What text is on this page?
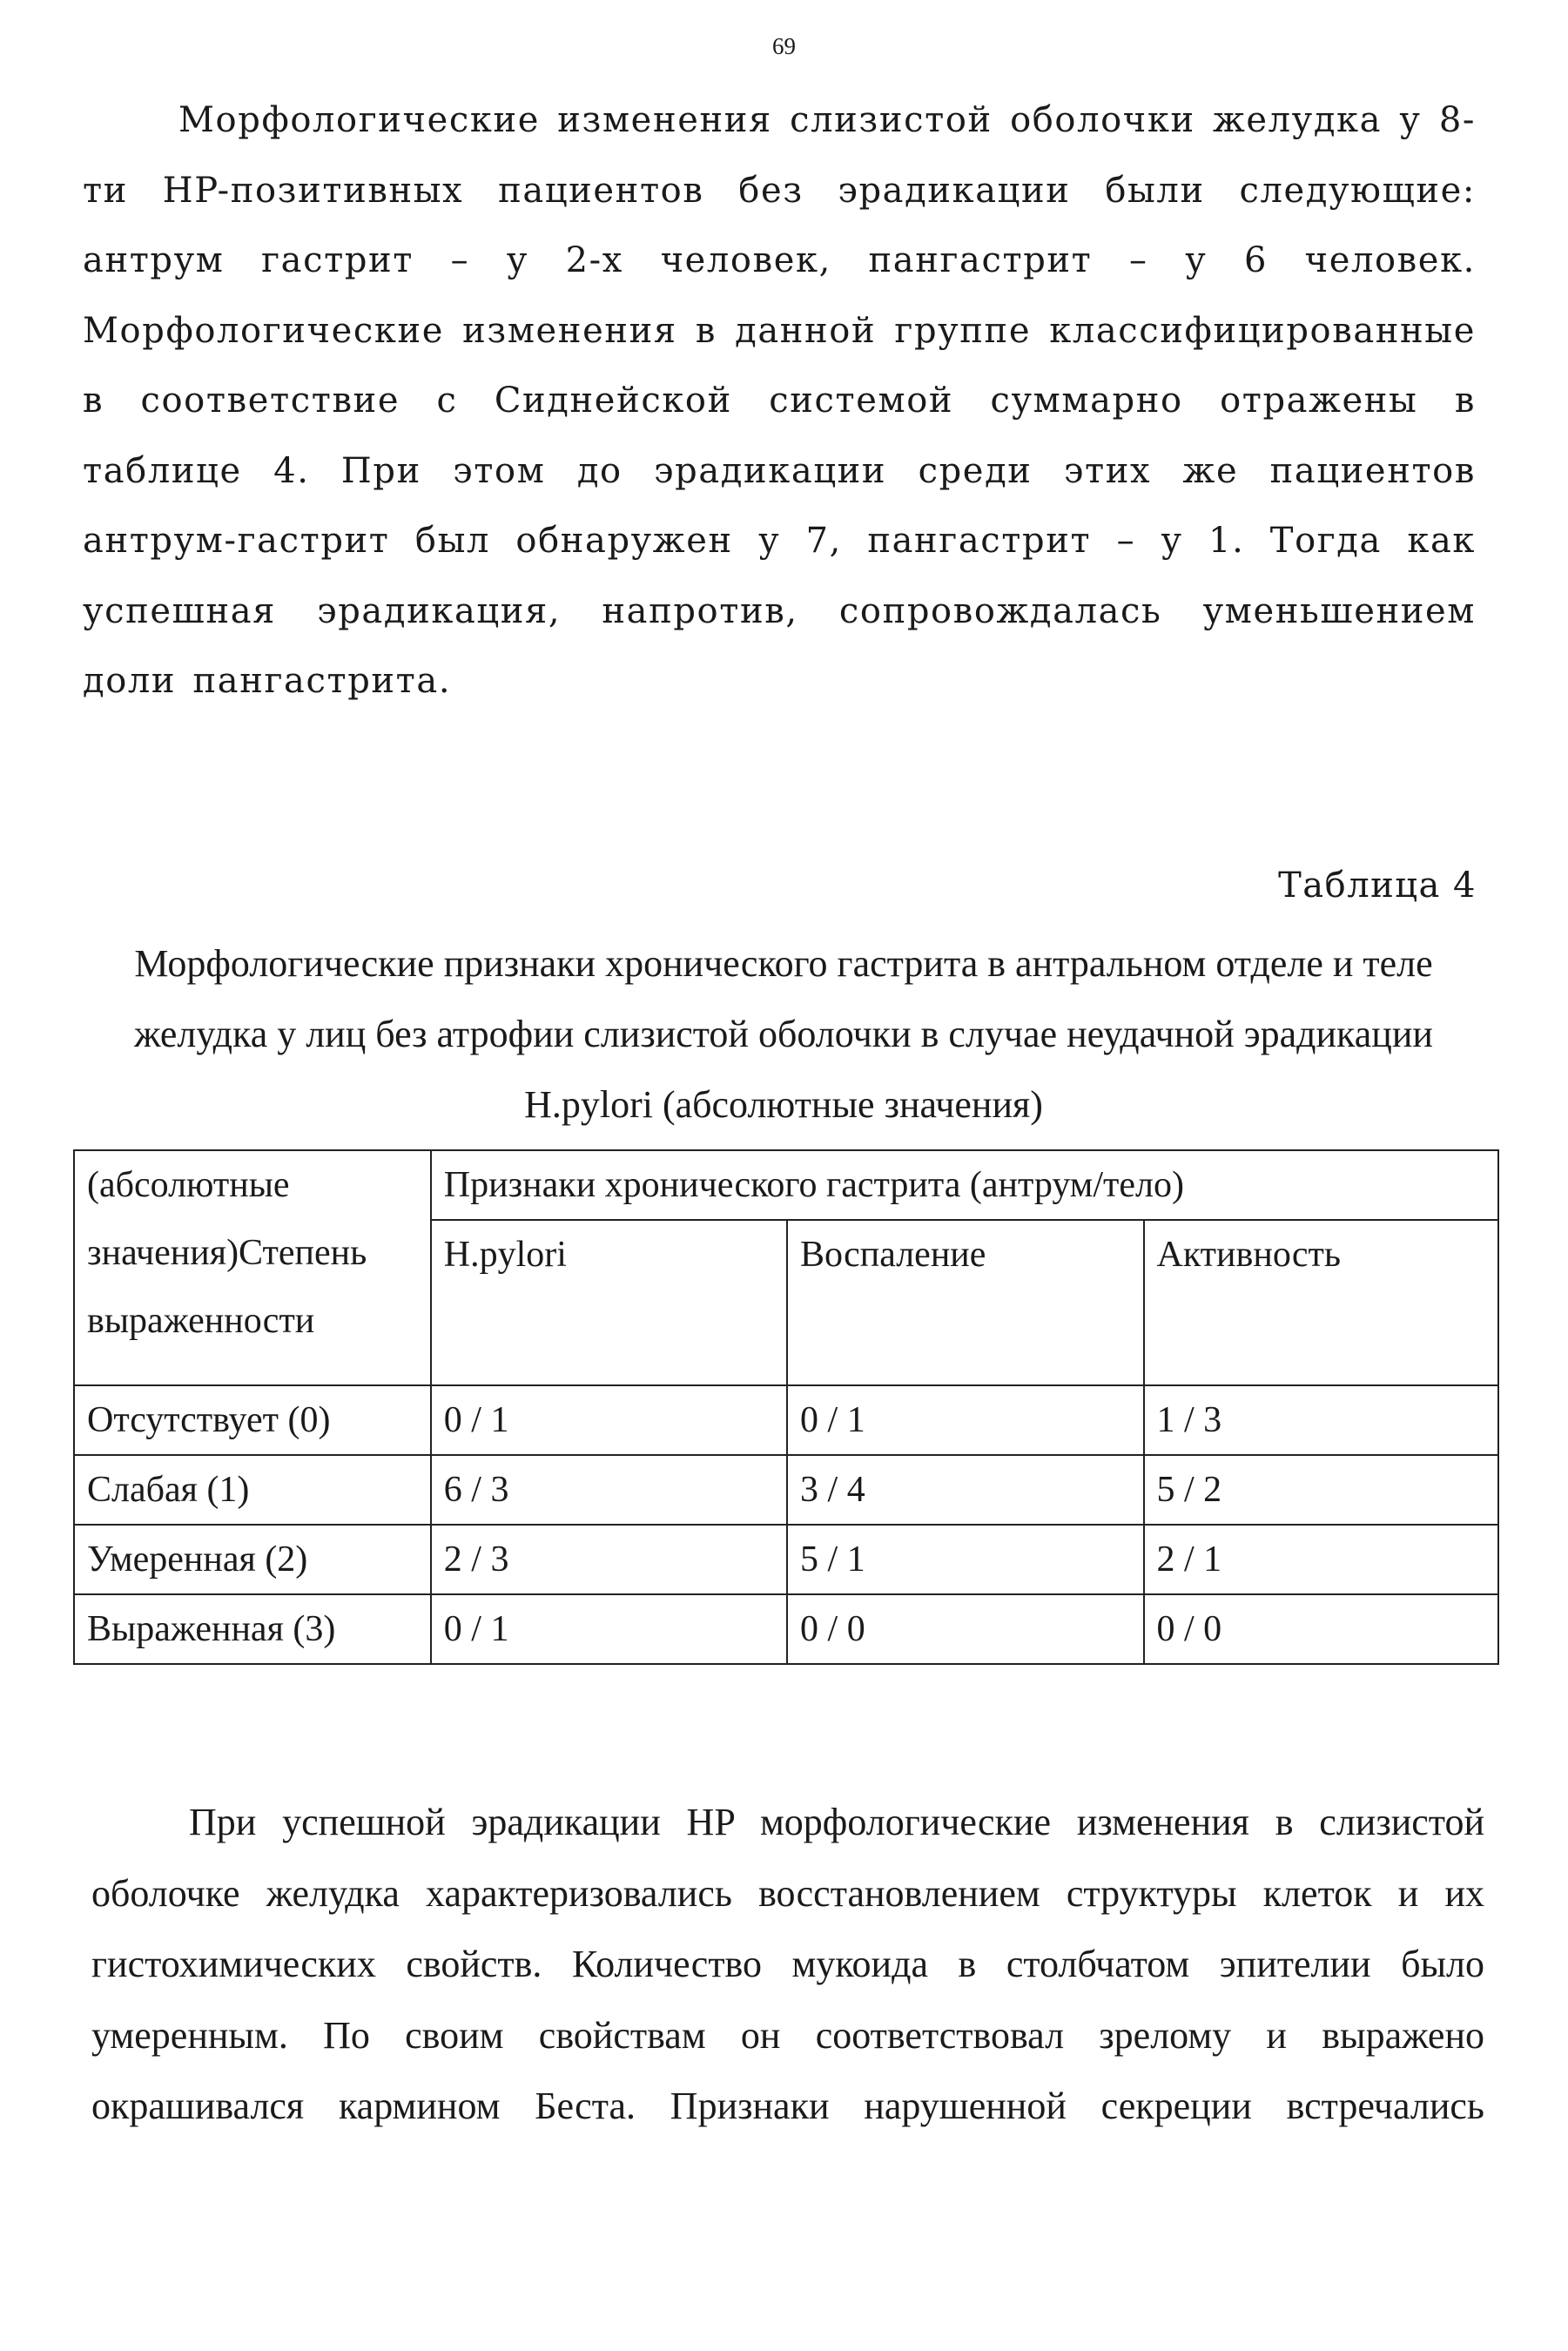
69

Морфологические изменения слизистой оболочки желудка у 8-ти HP-позитивных пациентов без эрадикации были следующие: антрум гастрит – у 2-х человек, пангастрит – у 6 человек. Морфологические изменения в данной группе классифицированные в соответствие с Сиднейской системой суммарно отражены в таблице 4. При этом до эрадикации среди этих же пациентов антрум-гастрит был обнаружен у 7, пангастрит – у 1. Тогда как успешная эрадикация, напротив, сопровождалась уменьшением доли пангастрита.

Таблица 4

Морфологические признаки хронического гастрита в антральном отделе и теле желудка у лиц без атрофии слизистой оболочки в случае неудачной эрадикации H.pylori (абсолютные значения)

(абсолютные
значения)Степень
выраженности	Признаки хронического гастрита (антрум/тело)		
	H.pylori	Воспаление	Активность
Отсутствует (0)	0 / 1	0 / 1	1 / 3
Слабая (1)	6 / 3	3 / 4	5 / 2
Умеренная (2)	2 / 3	5 / 1	2 / 1
Выраженная (3)	0 / 1	0 / 0	0 / 0

При успешной эрадикации HP морфологические изменения в слизистой оболочке желудка характеризовались восстановлением структуры клеток и их гистохимических свойств. Количество мукоида в столбчатом эпителии было умеренным. По своим свойствам он соответствовал зрелому и выражено окрашивался кармином Беста. Признаки нарушенной секреции встречались
